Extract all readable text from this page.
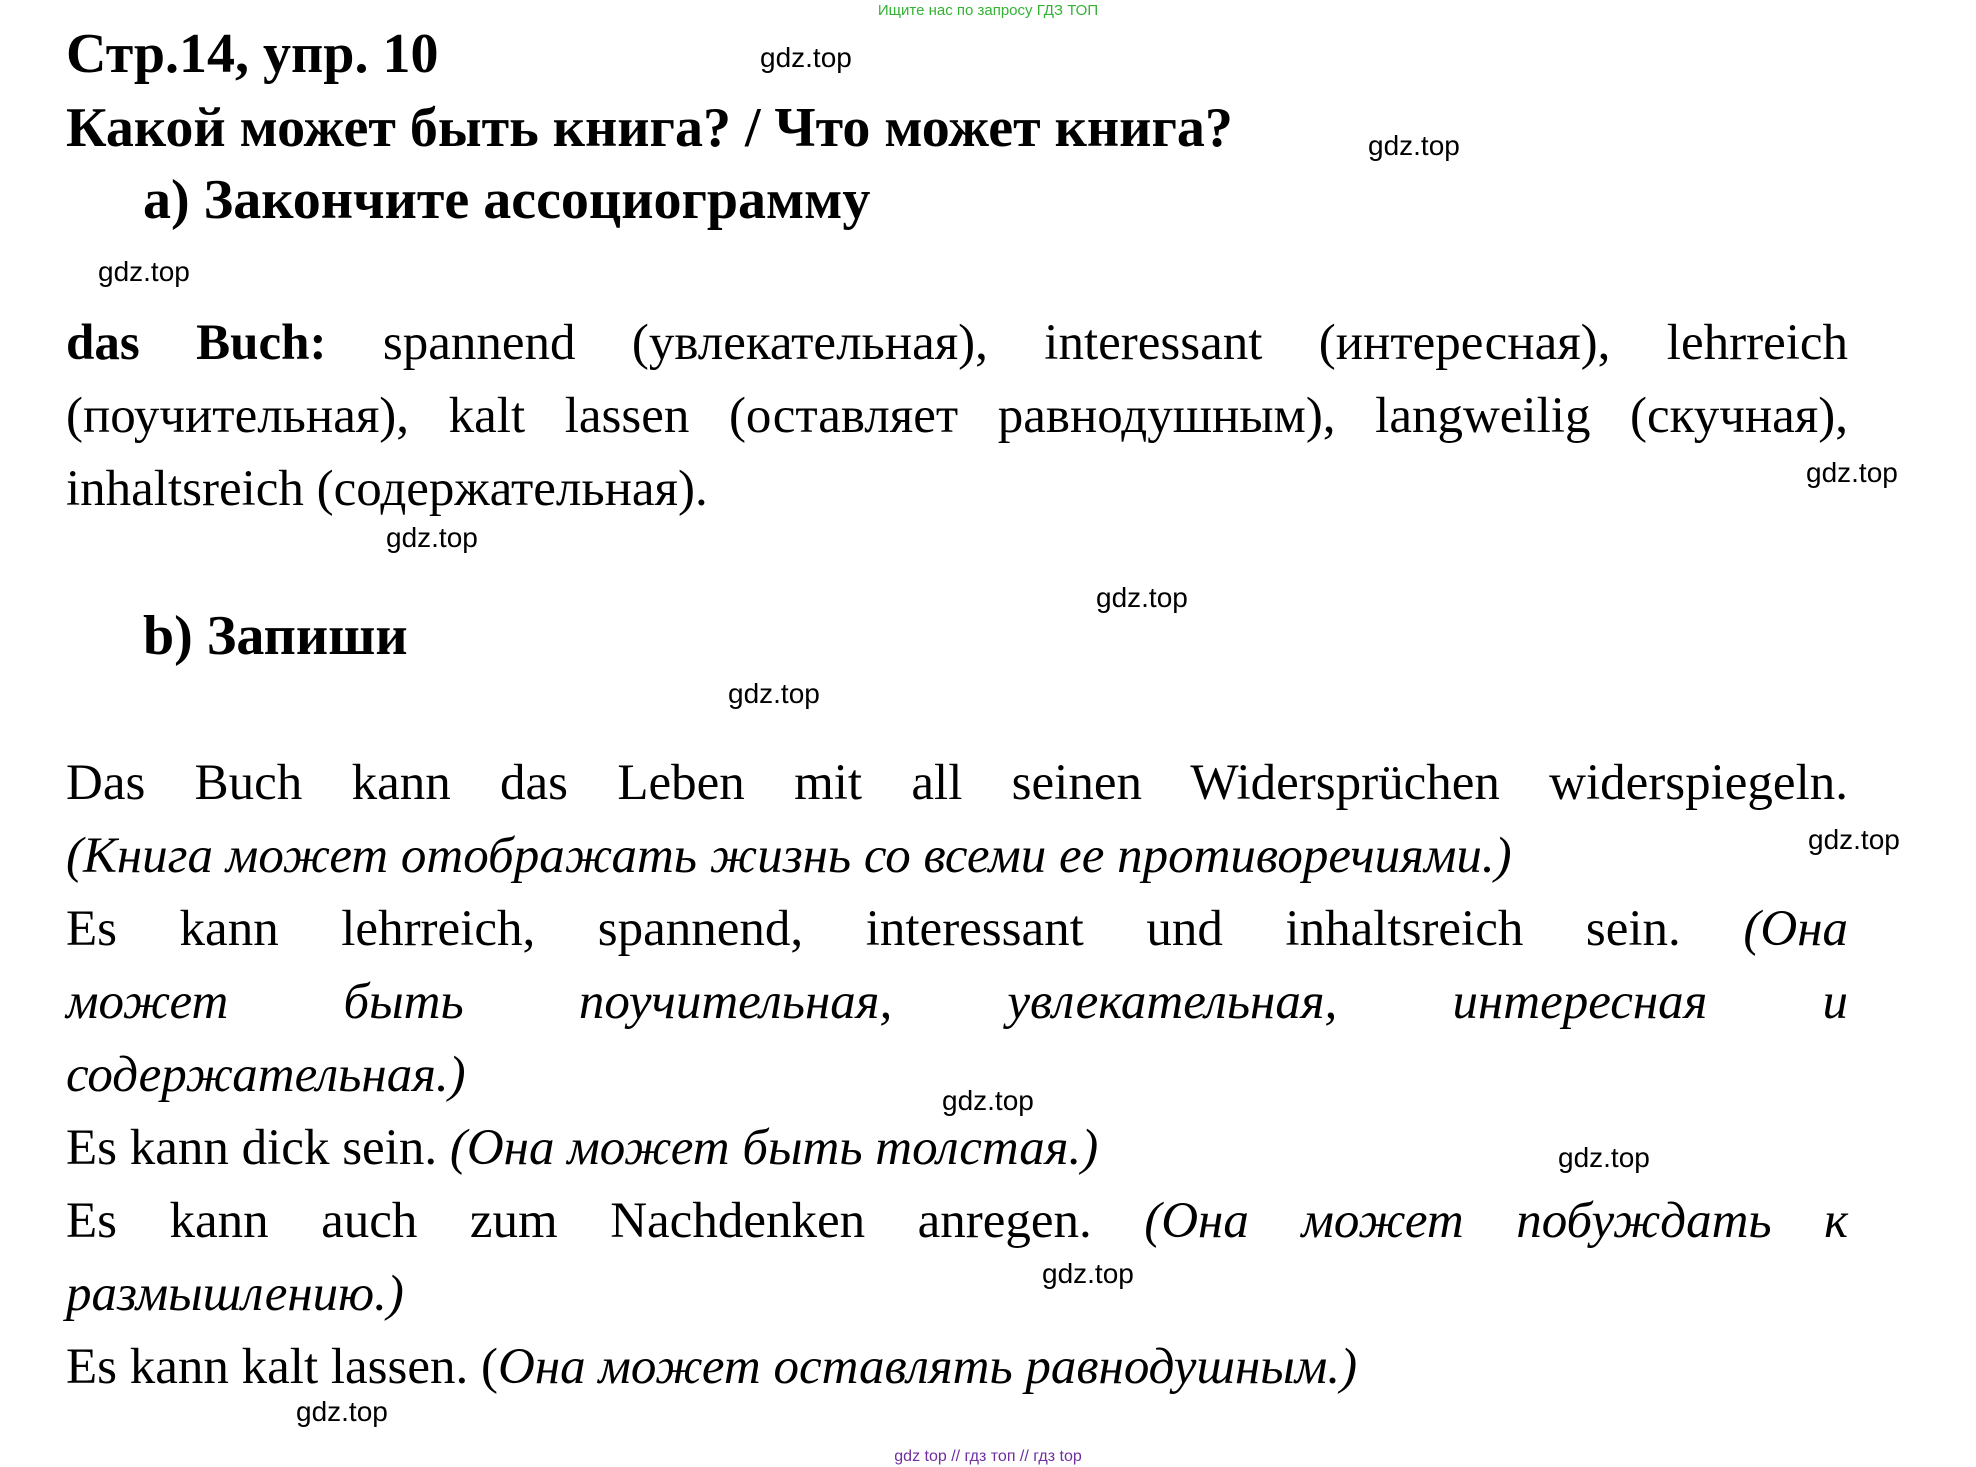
Ищите нас по запросу ГДЗ ТОП
Стр.14, упр. 10
Какой может быть книга? / Что может книга?
a) Закончите ассоциограмму
das Buch: spannend (увлекательная), interessant (интересная), lehrreich (поучительная), kalt lassen (оставляет равнодушным), langweilig (скучная), inhaltsreich (содержательная).
b) Запиши
Das Buch kann das Leben mit all seinen Widersprüchen widerspiegeln.
(Книга может отображать жизнь со всеми ее противоречиями.)
Es kann lehrreich, spannend, interessant und inhaltsreich sein. (Она
может быть поучительная, увлекательная, интересная и
содержательная.)
Es kann dick sein. (Она может быть толстая.)
Es kann auch zum Nachdenken anregen. (Она может побуждать к
размышлению.)
Es kann kalt lassen. (Она может оставлять равнодушным.)
gdz.top
gdz.top
gdz.top
gdz.top
gdz.top
gdz.top
gdz.top
gdz.top
gdz.top
gdz.top
gdz.top
gdz.top
gdz top // гдз топ // гдз top
